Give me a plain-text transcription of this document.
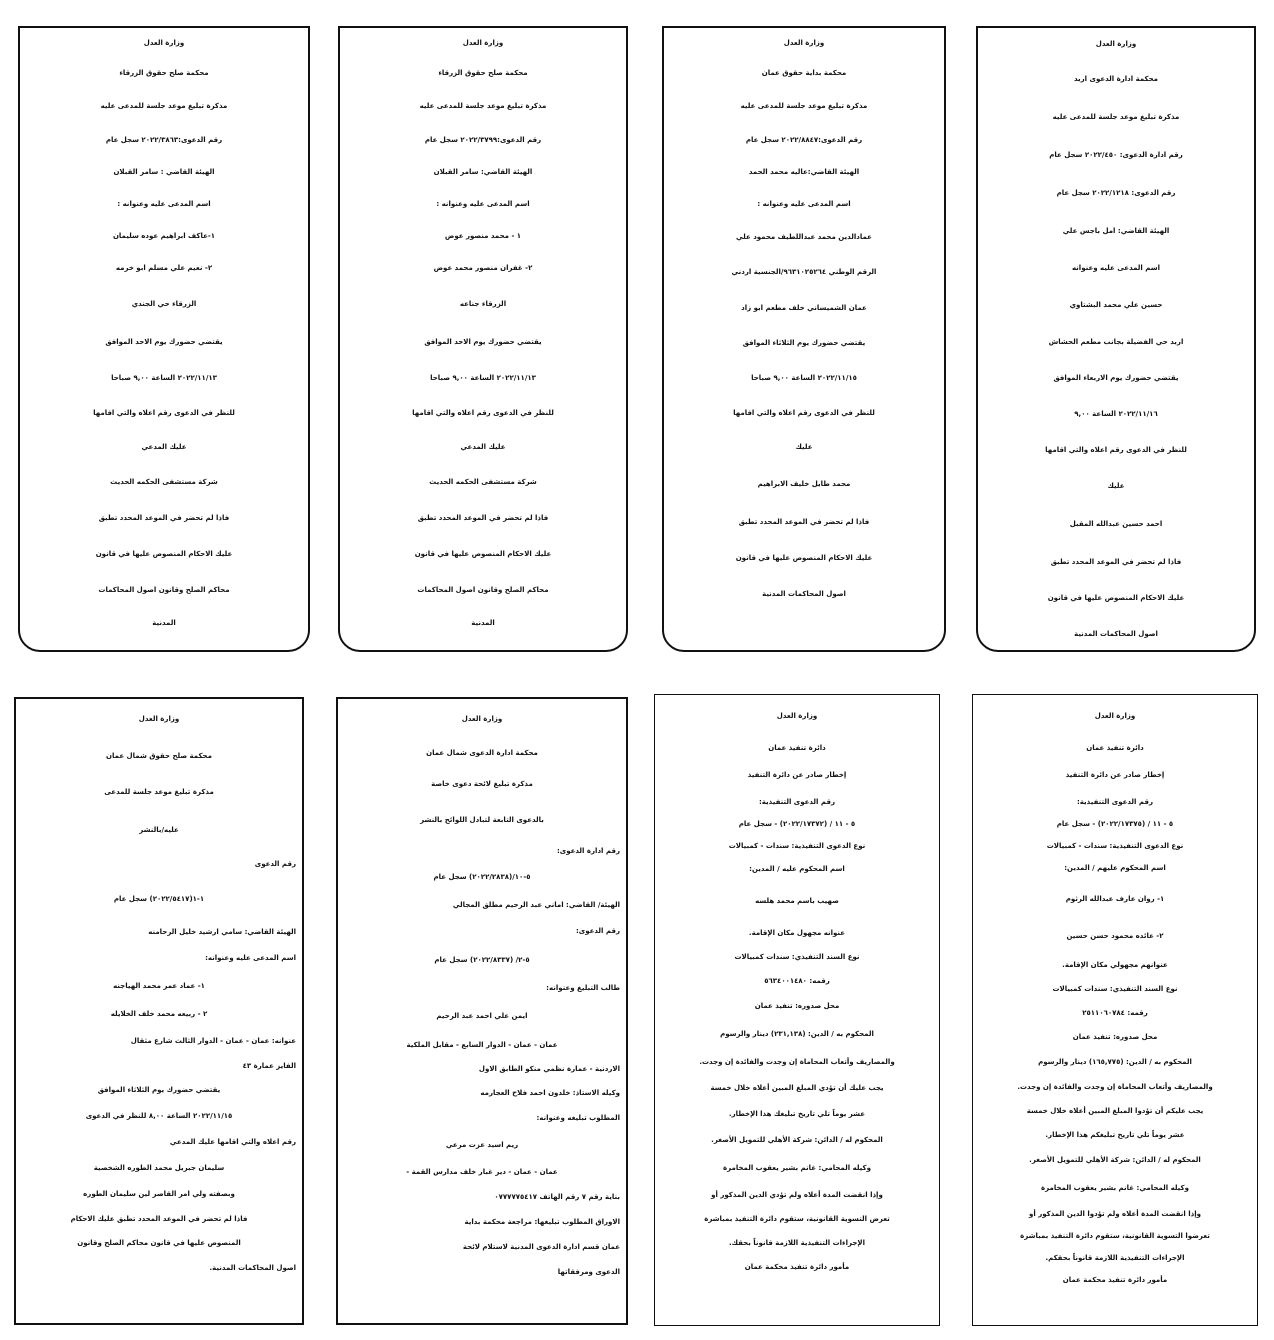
وزارة العدل
محكمة صلح حقوق الزرقاء
مذكرة تبليغ موعد جلسة للمدعى عليه
رقم الدعوى:٢٠٢٢/٣٨٦٣ سجل عام
الهيئة القاضي : سامر القبلان
اسم المدعى عليه وعنوانه :
١-عاكف ابراهيم عوده سليمان
٢- نعيم علي مسلم ابو خرمه
الزرقاء حي الجندي
يقتضي حضورك يوم الاحد الموافق
٢٠٢٢/١١/١٣ الساعة ٩,٠٠ صباحا
للنظر في الدعوى رقم اعلاه والتي اقامها
عليك المدعي
شركة مستشفى الحكمه الحديث
فاذا لم تحضر في الموعد المحدد تطبق
عليك الاحكام المنصوص عليها في قانون
محاكم الصلح وقانون اصول المحاكمات
المدنية
وزارة العدل
محكمة صلح حقوق الزرقاء
مذكرة تبليغ موعد جلسة للمدعى عليه
رقم الدعوى:٢٠٢٢/٣٧٩٩ سجل عام
الهيئة القاضي: سامر القبلان
اسم المدعى عليه وعنوانه :
١ - محمد منصور عوض
٢- غفران منصور محمد عوض
الزرقاء جناعه
يقتضي حضورك يوم الاحد الموافق
٢٠٢٢/١١/١٣ الساعة ٩,٠٠ صباحا
للنظر في الدعوى رقم اعلاه والتي اقامها
عليك المدعي
شركة مستشفى الحكمه الحديث
فاذا لم تحضر في الموعد المحدد تطبق
عليك الاحكام المنصوص عليها في قانون
محاكم الصلح وقانون اصول المحاكمات
المدنية
وزارة العدل
محكمة بداية حقوق عمان
مذكرة تبليغ موعد جلسة للمدعى عليه
رقم الدعوى:٢٠٢٢/٨٨٤٧ سجل عام
الهيئة القاضي:عاليه محمد الحمد
اسم المدعى عليه وعنوانه :
عمادالدين محمد عبداللطيف محمود علي
الرقم الوطني ٩٦٣١٠٢٥٢٦٤/الجنسية اردني
عمان الشميساني خلف مطعم ابو زاد
يقتضي حضورك يوم الثلاثاء الموافق
٢٠٢٢/١١/١٥ الساعة ٩,٠٠ صباحا
للنظر في الدعوى رقم اعلاه والتي اقامها
عليك
محمد طايل خليف الابراهيم
فاذا لم تحضر في الموعد المحدد تطبق
عليك الاحكام المنصوص عليها في قانون
اصول المحاكمات المدنية
وزارة العدل
محكمة ادارة الدعوى اربد
مذكرة تبليغ موعد جلسة للمدعى عليه
رقم ادارة الدعوى: ٢٠٢٢/٤٥٠ سجل عام
رقم الدعوى: ٢٠٢٢/١٢١٨ سجل عام
الهيئة القاضي: امل باجس علي
اسم المدعى عليه وعنوانه
حسين علي محمد البشتاوي
اربد حي الفضيلة بجانب مطعم الحشاش
يقتضي حضورك يوم الاربعاء الموافق
٢٠٢٢/١١/١٦ الساعة ٩,٠٠
للنظر في الدعوى رقم اعلاه والتي اقامها
عليك
احمد حسين عبدالله المقبل
فاذا لم تحضر في الموعد المحدد تطبق
عليك الاحكام المنصوص عليها في قانون
اصول المحاكمات المدنية
وزارة العدل
محكمة صلح حقوق شمال عمان
مذكرة تبليغ موعد جلسة للمدعى
عليه/بالنشر
رقم الدعوى
١-١(٢٠٢٢/٥٤١٧) سجل عام
الهيئة القاضي: سامي ارشيد خليل الرحامنه
اسم المدعى عليه وعنوانه:
١- عماد عمر محمد الهياجنه
٢ - ربيعه محمد خلف الخلايله
عنوانه: عمان - عمان - الدوار الثالث شارع مثقال
الفايز عمارة ٤٣
يقتضي حضورك يوم الثلاثاء الموافق
٢٠٢٢/١١/١٥ الساعة ٨,٠٠ للنظر في الدعوى
رقم اعلاه والتي اقامها عليك المدعي
سليمان جبريل محمد الطوره الشخصية
وبصفته ولي امر القاصر لين سليمان الطوره
فاذا لم تحضر في الموعد المحدد تطبق عليك الاحكام
المنصوص عليها في قانون محاكم الصلح وقانون
اصول المحاكمات المدنية.
وزارة العدل
محكمة ادارة الدعوى شمال عمان
مذكرة تبليغ لائحة دعوى خاصة
بالدعوى التابعة لتبادل اللوائح بالنشر
رقم ادارة الدعوى:
٥-١٠/(٢٠٢٢/٢٨٣٨) سجل عام
الهيئة/ القاضي: اماني عبد الرحيم مطلق المجالي
رقم الدعوى:
٥-٢/ (٢٠٢٢/٨٣٣٧) سجل عام
طالب التبليغ وعنوانه:
ايمن علي احمد عبد الرحيم
عمان - عمان - الدوار السابع - مقابل الملكية
الاردنية - عمارة نظمي منكو الطابق الاول
وكيله الاستاذ: خلدون احمد فلاح العجارمه
المطلوب تبليغه وعنوانه:
ريم اسيد عزت مرعي
عمان - عمان - دير غبار خلف مدارس القمة -
بناية رقم ٧ رقم الهاتف ٠٧٧٧٧٧٥٤١٧
الاوراق المطلوب تبليغها: مراجعة محكمة بداية
عمان قسم ادارة الدعوى المدنية لاستلام لائحة
الدعوى ومرفقاتها
وزارة العدل
دائرة تنفيذ عمان
إخطار صادر عن دائرة التنفيذ
رقم الدعوى التنفيذية:
٥ - ١١ / (٢٠٢٢/١٧٣٧٢) - سجل عام
نوع الدعوى التنفيذية: سندات - كمبيالات
اسم المحكوم عليه / المدين:
صهيب باسم محمد هلسه
عنوانه مجهول مكان الإقامة.
نوع السند التنفيذي: سندات كمبيالات
رقمه: ٥٦٣٤٠٠١٤٨٠
محل صدوره: تنفيذ عمان
المحكوم به / الدين: (٢٣١,١٣٨) دينار والرسوم
والمصاريف وأتعاب المحاماة إن وجدت والفائدة إن وجدت.
يجب عليك أن تؤدي المبلغ المبين أعلاه خلال خمسة
عشر يوماً تلي تاريخ تبليغك هذا الإخطار.
المحكوم له / الدائن: شركة الأهلي للتمويل الأصغر.
وكيله المحامي: غانم بشير يعقوب المخامرة
وإذا انقضت المدة أعلاه ولم تؤدي الدين المذكور أو
تعرض التسوية القانونية، ستقوم دائرة التنفيذ بمباشرة
الإجراءات التنفيذية اللازمة قانوناً بحقك.
مأمور دائرة تنفيذ محكمة عمان
وزارة العدل
دائرة تنفيذ عمان
إخطار صادر عن دائرة التنفيذ
رقم الدعوى التنفيذية:
٥ - ١١ / (٢٠٢٢/١٧٣٧٥) - سجل عام
نوع الدعوى التنفيذية: سندات - كمبيالات
اسم المحكوم عليهم / المدين:
١- روان عارف عبدالله الرثوم
٢- عائده محمود حسن حسين
عنوانهم مجهولي مكان الإقامة.
نوع السند التنفيذي: سندات كمبيالات
رقمه: ٢٥١١٠٦٠٧٨٤
محل صدوره: تنفيذ عمان
المحكوم به / الدين: (١٦٥,٧٧٥) دينار والرسوم
والمصاريف وأتعاب المحاماة إن وجدت والفائدة إن وجدت.
يجب عليكم أن تؤدوا المبلغ المبين أعلاه خلال خمسة
عشر يوماً تلي تاريخ تبليغكم هذا الإخطار.
المحكوم له / الدائن: شركة الأهلي للتمويل الأصغر.
وكيله المحامي: غانم بشير يعقوب المخامرة
وإذا انقضت المدة أعلاه ولم تؤدوا الدين المذكور أو
تعرضوا التسوية القانونية، ستقوم دائرة التنفيذ بمباشرة
الإجراءات التنفيذية اللازمة قانوناً بحقكم.
مأمور دائرة تنفيذ محكمة عمان
